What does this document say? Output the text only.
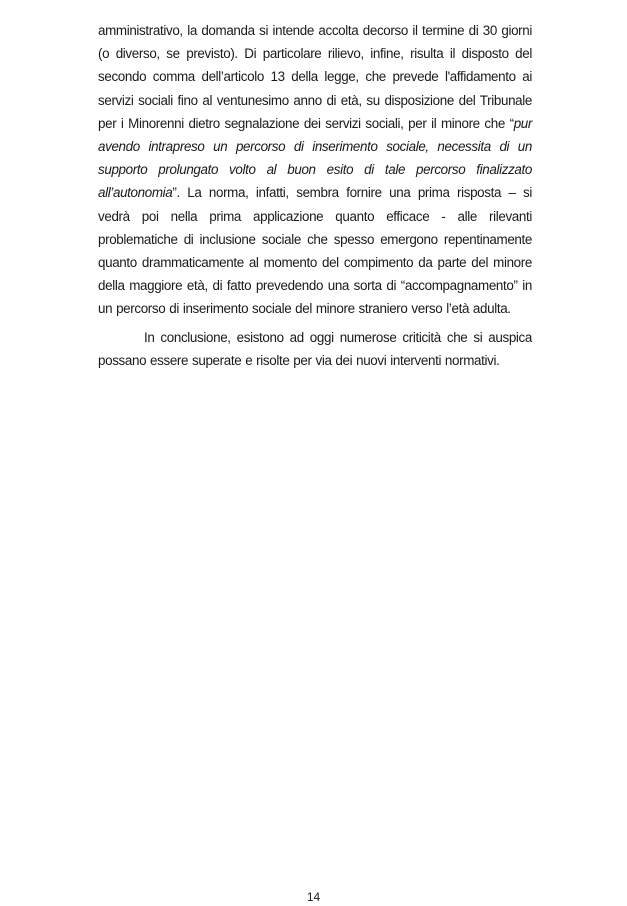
amministrativo, la domanda si intende accolta decorso il termine di 30 giorni (o diverso, se previsto). Di particolare rilievo, infine, risulta il disposto del secondo comma dell’articolo 13 della legge, che prevede l'affidamento ai servizi sociali fino al ventunesimo anno di età, su disposizione del Tribunale per i Minorenni dietro segnalazione dei servizi sociali, per il minore che “pur avendo intrapreso un percorso di inserimento sociale, necessita di un supporto prolungato volto al buon esito di tale percorso finalizzato all’autonomia”. La norma, infatti, sembra fornire una prima risposta – si vedrà poi nella prima applicazione quanto efficace - alle rilevanti problematiche di inclusione sociale che spesso emergono repentinamente quanto drammaticamente al momento del compimento da parte del minore della maggiore età, di fatto prevedendo una sorta di “accompagnamento” in un percorso di inserimento sociale del minore straniero verso l’età adulta.

In conclusione, esistono ad oggi numerose criticità che si auspica possano essere superate e risolte per via dei nuovi interventi normativi.

14
